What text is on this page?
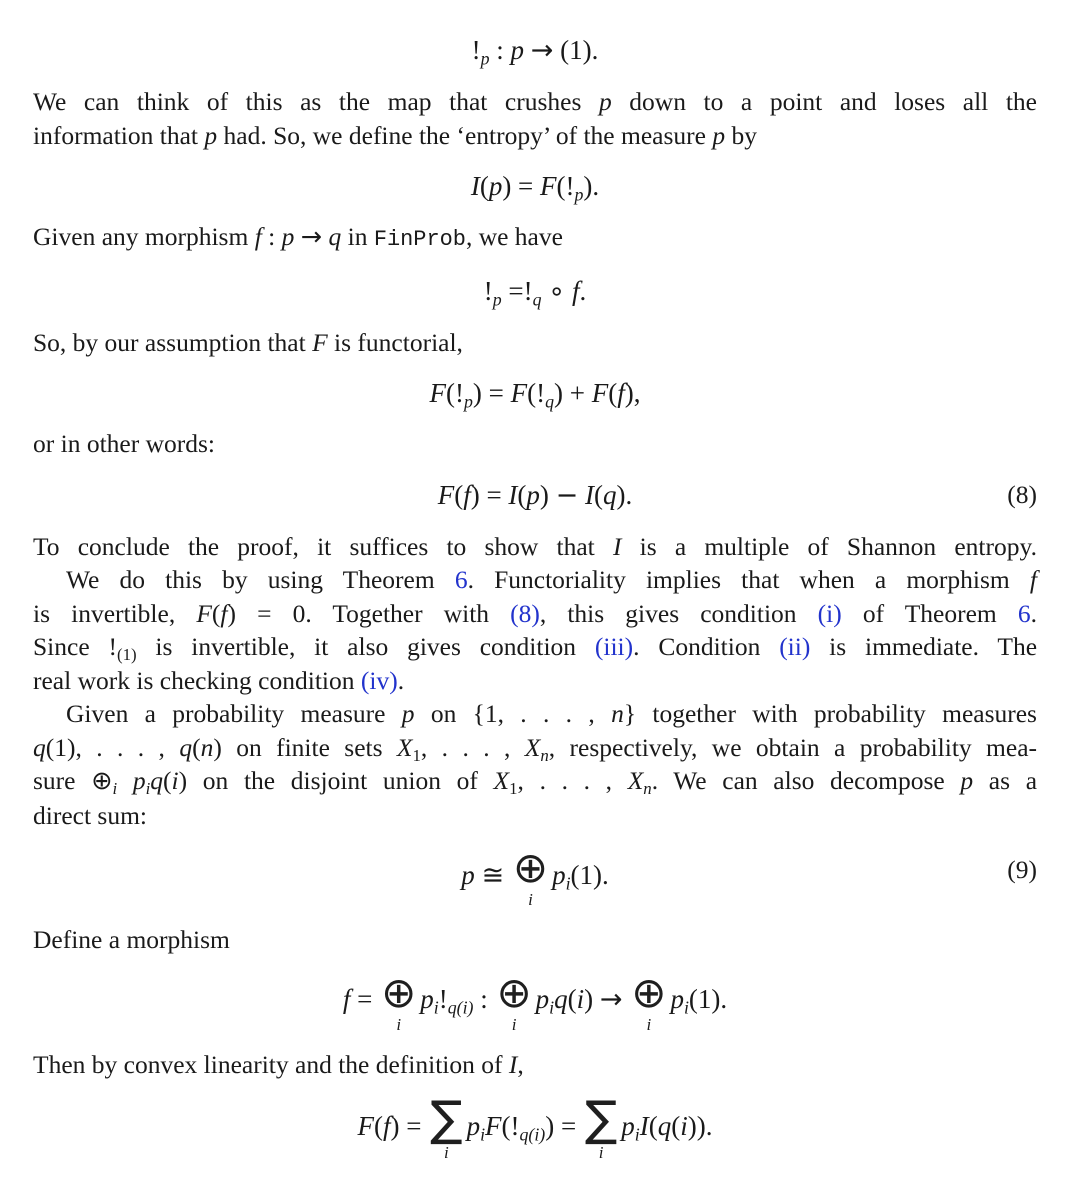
!p : p → (1).
We can think of this as the map that crushes p down to a point and loses all the
information that p had. So, we define the ‘entropy’ of the measure p by
I(p) = F(!p).
Given any morphism f : p → q in FinProb, we have
!p =!q ∘ f.
So, by our assumption that F is functorial,
F(!p) = F(!q) + F(f),
or in other words:
F(f) = I(p) − I(q).	(8)
To conclude the proof, it suffices to show that I is a multiple of Shannon entropy.
We do this by using Theorem 6. Functoriality implies that when a morphism f
is invertible, F(f) = 0. Together with (8), this gives condition (i) of Theorem 6.
Since !(1) is invertible, it also gives condition (iii). Condition (ii) is immediate. The
real work is checking condition (iv).
Given a probability measure p on {1, . . . , n} together with probability measures
q(1), . . . , q(n) on finite sets X1, . . . , Xn, respectively, we obtain a probability mea-
sure ⊕i piq(i) on the disjoint union of X1, . . . , Xn. We can also decompose p as a
direct sum:
p ≅ ⊕
i
pi(1).	(9)
Define a morphism
f = ⊕
i
pi!q(i) : ⊕
i
piq(i) → ⊕
i
pi(1).
Then by convex linearity and the definition of I,
F(f) = ∑
i
piF(!q(i)) = ∑
i
piI(q(i)).
